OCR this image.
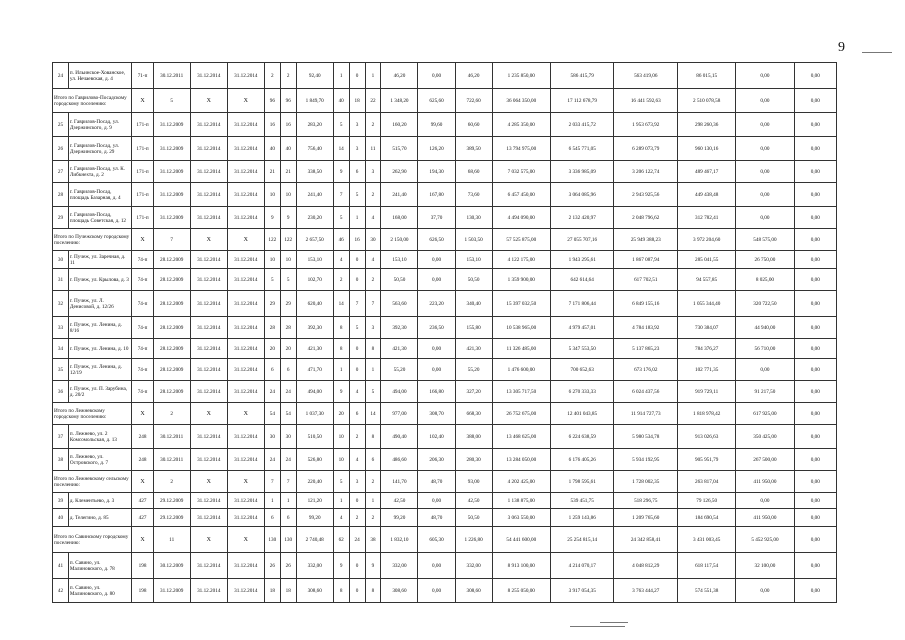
9
24	п. Ильинское-Хованское, ул. Нечаевская, д. 4	71-п	30.12.2011	31.12.2014	31.12.2014	2	2	92,40	1	0	1	46,20	0,00	46,20	1 235 850,00	586 415,79	563 419,06	86 015,15	0,00	0,00
Итого по Гаврилово-Посадскому городскому поселению:		X	5	X	X	96	96	1 849,70	40	18	22	1 348,20	625,60	722,60	36 064 350,00	17 112 678,79	16 441 592,63	2 510 078,58	0,00	0,00
25	г. Гаврилов-Посад, ул. Дзержинского, д. 9	171-п	31.12.2009	31.12.2014	31.12.2014	16	16	283,20	5	3	2	160,20	99,60	60,60	4 285 350,00	2 033 415,72	1 953 673,92	298 260,36	0,00	0,00
26	г. Гаврилов-Посад, ул. Дзержинского, д. 29	171-п	31.12.2009	31.12.2014	31.12.2014	40	40	756,40	14	3	11	515,70	126,20	389,50	13 794 975,00	6 545 771,05	6 289 073,79	960 130,16	0,00	0,00
27	г. Гаврилов-Посад, ул. К. Либкнехта, д. 2	171-п	31.12.2009	31.12.2014	31.12.2014	21	21	338,50	9	6	3	262,90	194,30	68,60	7 032 575,00	3 336 985,09	3 206 122,74	489 467,17	0,00	0,00
28	г. Гаврилов-Посад, площадь Базарная, д. 4	171-п	31.12.2009	31.12.2014	31.12.2014	10	10	241,40	7	5	2	241,40	167,80	73,60	6 457 450,00	3 064 085,96	2 943 925,56	449 438,48	0,00	0,00
29	г. Гаврилов-Посад, площадь Советская, д. 12	171-п	31.12.2009	31.12.2014	31.12.2014	9	9	230,20	5	1	4	168,00	37,70	130,30	4 494 090,00	2 132 420,97	2 048 796,62	312 782,41	0,00	0,00
Итого по Пучежскому городскому поселению:		X	7	X	X	122	122	2 657,50	46	16	30	2 150,00	626,50	1 503,50	57 525 875,00	27 055 707,16	25 949 388,23	3 972 204,60	548 575,00	0,00
30	г. Пучеж, ул. Заречная, д. 11	74-п	28.12.2009	31.12.2014	31.12.2014	10	10	153,10	4	0	4	153,10	0,00	153,10	4 122 175,00	1 943 295,61	1 867 087,94	285 041,55	26 750,00	0,00
31	г. Пучеж, ул. Крылова, д. 3	74-п	28.12.2009	31.12.2014	31.12.2014	5	5	102,70	2	0	2	50,50	0,00	50,50	1 359 900,00	642 614,64	617 702,51	94 557,85	8 025,00	0,00
32	г. Пучеж, ул. Л. Денисовой, д. 12/26	74-п	28.12.2009	31.12.2014	31.12.2014	29	29	620,40	14	7	7	563,60	223,20	340,40	15 397 032,50	7 171 806,44	6 849 155,16	1 055 344,40	320 722,50	0,00
33	г. Пучеж, ул. Ленина, д. 8/16	74-п	28.12.2009	31.12.2014	31.12.2014	28	28	392,30	8	5	3	392,30	236,50	155,80	10 538 965,00	4 979 457,01	4 784 183,92	730 384,07	44 940,00	0,00
34	г. Пучеж, ул. Ленина, д. 10	74-п	28.12.2009	31.12.2014	31.12.2014	20	20	421,30	8	0	8	421,30	0,00	421,30	11 326 485,00	5 347 553,50	5 137 865,23	784 376,27	56 710,00	0,00
35	г. Пучеж, ул. Ленина, д. 12/19	74-п	28.12.2009	31.12.2014	31.12.2014	6	6	471,70	1	0	1	55,20	0,00	55,20	1 476 600,00	700 652,63	673 176,02	102 771,35	0,00	0,00
36	г. Пучеж, ул. П. Зарубина, д. 20/2	74-п	28.12.2009	31.12.2014	31.12.2014	24	24	494,00	9	4	5	494,00	166,80	327,20	13 305 717,50	6 270 333,33	6 024 437,56	919 729,11	91 217,50	0,00
Итого по Лежневскому городскому поселению:		X	2	X	X	54	54	1 037,30	20	6	14	977,00	308,70	668,30	26 752 675,00	12 401 043,85	11 914 727,73	1 818 978,42	617 925,00	0,00
37	п. Лежнево, ул. 2 Комсомольская, д. 13	248	30.12.2011	31.12.2014	31.12.2014	30	30	510,50	10	2	8	490,40	102,40	388,00	13 468 625,00	6 224 638,59	5 980 534,78	913 026,63	350 425,00	0,00
38	п. Лежнево, ул. Островского, д. 7	248	30.12.2011	31.12.2014	31.12.2014	24	24	526,80	10	4	6	486,60	206,30	280,30	13 284 050,00	6 176 405,26	5 934 192,95	905 951,79	267 500,00	0,00
Итого по Лежневскому сельскому поселению:		X	2	X	X	7	7	220,40	5	3	2	141,70	48,70	93,00	4 202 425,00	1 798 595,61	1 728 002,35	263 817,04	411 950,00	0,00
39	д. Клементьево, д. 3	427	29.12.2009	31.12.2014	31.12.2014	1	1	121,20	1	0	1	42,50	0,00	42,50	1 138 875,00	539 451,75	518 296,75	79 126,50	0,00	0,00
40	д. Телегино, д. 85	427	29.12.2009	31.12.2014	31.12.2014	6	6	99,20	4	2	2	99,20	48,70	50,50	3 063 550,00	1 259 143,86	1 209 765,60	184 690,54	411 950,00	0,00
Итого по Савинскому городскому поселению:		X	11	X	X	130	130	2 740,48	62	24	38	1 832,10	605,30	1 226,80	54 441 600,00	25 254 815,14	24 342 858,41	3 431 003,45	5 452 925,00	0,00
41	п. Савино, ул. Малиновского, д. 78	198	30.12.2009	31.12.2014	31.12.2014	26	26	332,00	9	0	9	332,00	0,00	332,00	8 913 100,00	4 214 070,17	4 048 812,29	618 117,54	32 100,00	0,00
42	п. Савино, ул. Малиновского, д. 80	198	31.12.2009	31.12.2014	31.12.2014	18	18	308,60	8	0	8	308,60	0,00	308,60	8 255 050,00	3 917 054,35	3 763 444,27	574 551,38	0,00	0,00
